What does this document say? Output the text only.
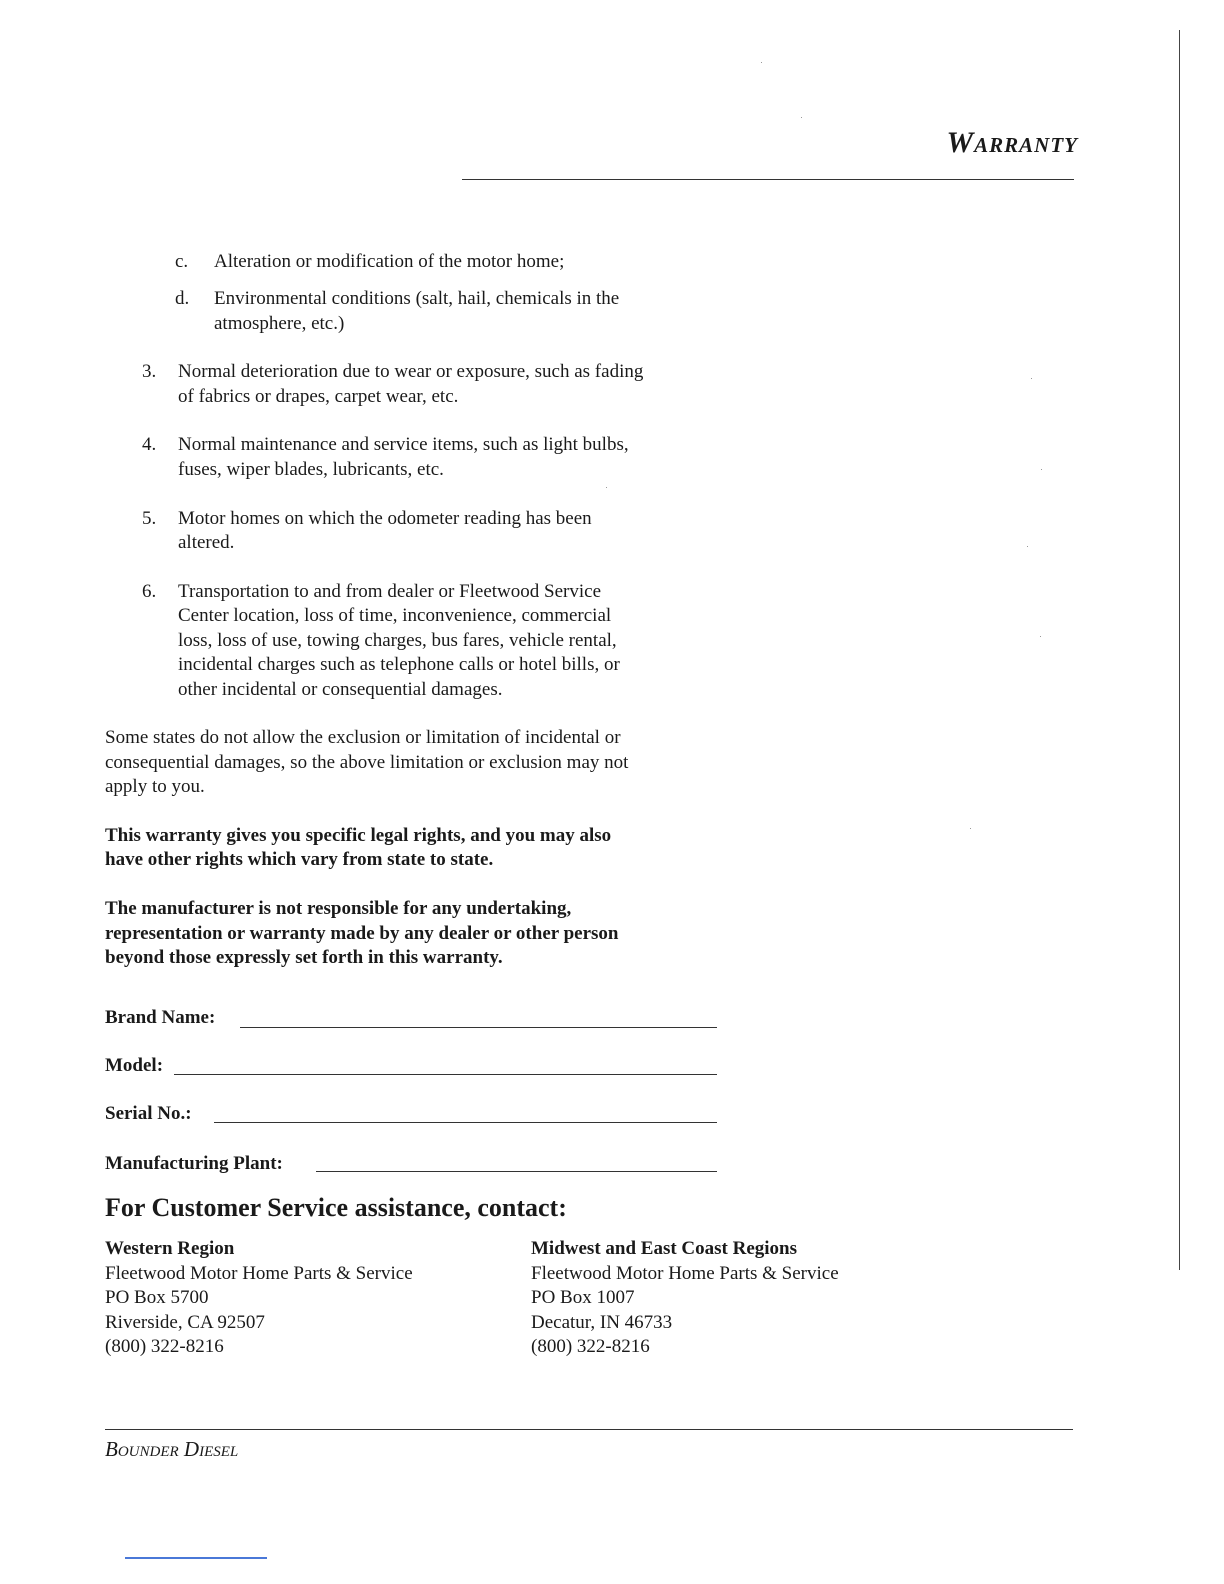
Warranty
c. Alteration or modification of the motor home;
d. Environmental conditions (salt, hail, chemicals in the
atmosphere, etc.)
3. Normal deterioration due to wear or exposure, such as fading
of fabrics or drapes, carpet wear, etc.
4. Normal maintenance and service items, such as light bulbs,
fuses, wiper blades, lubricants, etc.
5. Motor homes on which the odometer reading has been
altered.
6. Transportation to and from dealer or Fleetwood Service
Center location, loss of time, inconvenience, commercial
loss, loss of use, towing charges, bus fares, vehicle rental,
incidental charges such as telephone calls or hotel bills, or
other incidental or consequential damages.
Some states do not allow the exclusion or limitation of incidental or
consequential damages, so the above limitation or exclusion may not
apply to you.
This warranty gives you specific legal rights, and you may also
have other rights which vary from state to state.
The manufacturer is not responsible for any undertaking,
representation or warranty made by any dealer or other person
beyond those expressly set forth in this warranty.
Brand Name:
Model:
Serial No.:
Manufacturing Plant:
For Customer Service assistance, contact:
Western Region
Fleetwood Motor Home Parts & Service
PO Box 5700
Riverside, CA 92507
(800) 322-8216
Midwest and East Coast Regions
Fleetwood Motor Home Parts & Service
PO Box 1007
Decatur, IN 46733
(800) 322-8216
Bounder Diesel
